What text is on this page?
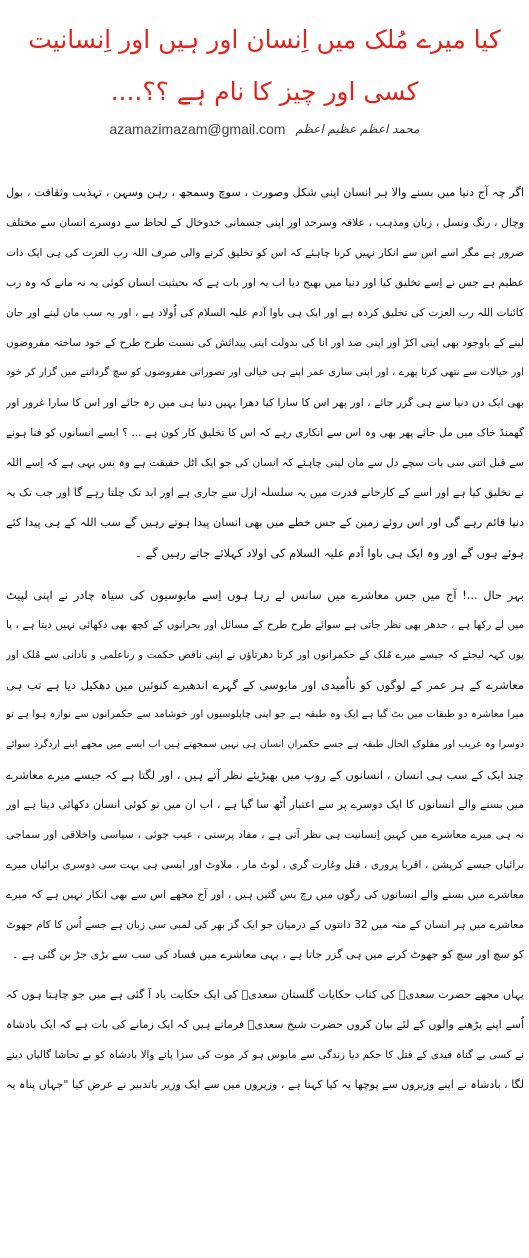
کیا میرے مُلک میں اِنسان اور ہیں اور اِنسانیت کسی اور چیز کا نام ہے ؟؟....
azamazimazam@gmail.com محمد اعظم عظیم اعظم
اگر چہ آج دنیا میں بسنے والا ہر انسان اپنی شکل وصورت ، سوچ وسمجھ ، رہن وسہن ، تہذیب وثقافت ، بول
وچال ، رنگ ونسل ، زبان ومذہب ، علاقہ وسرحد اور اپنی جسمانی خدوخال کے لحاظ سے دوسرے انسان سے مختلف
ضرور ہے مگر اسے اس سے انکار نہیں کرنا چاہئے کہ اس کو تخلیق کرنے والی صرف اللہ رب العزت کی ہی ایک ذات
عظیم ہے جس نے اِسے تخلیق کیا اور دنیا میں بھیج دیا اب یہ اور بات ہے کہ بحیثیت انسان کوئی یہ نہ مانے کہ وہ رب
کائنات اللہ رب العزت کی تخلیق کردہ ہے اور ایک ہی باوا آدم علیہ السلام کی اُولاد ہے ، اور یہ سب مان لینے اور جان
لینے کے باوجود بھی اپنی اکڑ اور اپنی ضد اور انا کی بدولت اپنی پیدائش کی نسبت طرح طرح کے خود ساختہ مفروضوں
اور خیالات سے نتھی کرتا پھرے ، اور اپنی ساری عمر اپنے ہی خیالی اور تصوراتی مفروضوں کو سچ گردانتے میں گزار کر خود
بھی ایک دن دنیا سے ہی گزر جائے ، اور پھر اس کا سارا کیا دھرا یہیں دنیا ہی میں رہ جائے اور اس کا سارا غرور اور
گھمنڈ خاک میں مل جائے پھر بھی وہ اس سے انکاری رہے کہ اس کا تخلیق کار کون ہے ... ؟ ایسے انسانوں کو فنا ہونے
سے قبل اتنی سی بات سچے دل سے مان لینی چاہئے کہ انسان کی جو ایک اٹل حقیقت ہے وہ بس یہی ہے کہ اِسے اللہ
نے تخلیق کیا ہے اور اسے کے کارخانے قدرت میں یہ سلسلہ ازل سے جاری ہے اور ابد تک چلتا رہے گا اور جب تک یہ
دنیا قائم رہے گی اور اس روئے زمین کے جس خطے میں بھی انسان پیدا ہوتے رہیں گے سب اللہ کے ہی پیدا کئے
ہوئے ہوں گے اور وہ ایک ہی باوا آدم علیہ السلام کی اولاد کہلائے جاتے رہیں گے ۔
بہر حال ...! آج میں جس معاشرے میں سانس لے رہا ہوں اِسے مایوسیوں کی سیاہ چادر نے اپنی لپیٹ
میں لے رکھا ہے ، جدھر بھی نظر جاتی ہے سوائے طرح طرح کے مسائل اور بحرانوں کے کچھ بھی دکھائی نہیں دیتا ہے ، یا
یوں کہہ لیجئے کہ جیسے میرے مُلک کے حکمرانوں اور کرتا دھرتاؤں نے اپنی ناقص حکمت و رناعلمی و نادانی سے مُلک اور
معاشرے کے ہر عمر کے لوگوں کو نااُمیدی اور مایوسی کے گہرے اندھیرے کنوئیں میں دھکیل دیا ہے تب ہی
میرا معاشرہ دو طبقات میں بٹ گیا ہے ایک وہ طبقہ ہے جو اپنی چاپلوسیوں اور خوشامد سے حکمرانوں سے نوازہ ہوا ہے تو
دوسرا وہ غریب اور مفلوک الحال طبقہ ہے جسے حکمران انسان ہی نہیں سمجھتے ہیں اب ایسے میں مجھے اپنے اردگرد سوائے
چند ایک کے سب ہی انسان ، انسانوں کے روپ میں بھیڑیئے نظر آتے ہیں ، اور لگتا ہے کہ جیسے میرے معاشرے
میں بسنے والے انسانوں کا ایک دوسرے پر سے اعتبار اُٹھ سا گیا ہے ، اب ان میں تو کوئی انسان دکھائی دیتا ہے اور
نہ ہی میرے معاشرے میں کہیں اِنسانیت ہی نظر آتی ہے ، مفاد پرستی ، عیب جوئی ، سیاسی واخلاقی اور سماجی
برائیاں جیسے کرپشن ، اقربا پروری ، قتل وغارت گری ، لوٹ مار ، ملاوٹ اور ایسی ہی بہت سی دوسری برائیاں میرے
معاشرے میں بسنے والے انسانوں کی رگوں میں رچ بس گئیں ہیں ، اور آج مجھے اس سے بھی انکار نہیں ہے کہ میرے
معاشرے میں ہر انسان کے منہ میں 32 دانتوں کے درمیان جو ایک گز بھر کی لمبی سی زبان ہے جسے اُس کا کام جھوٹ
کو سچ اور سچ کو جھوٹ کرنے میں ہی گزر جاتا ہے ، یہی معاشرے میں فساد کی سب سے بڑی جڑ بن گئی ہے ۔
یہاں مجھے حضرت سعدیؒ کی کتاب حکایات گلستان سعدیؒ کی ایک حکایت یاد آ گئی ہے میں جو چاہتا ہوں کہ
اُسے اپنے پڑھنے والوں کے لئے بیان کروں حضرت شیخ سعدیؒ فرماتے ہیں کہ ایک زمانے کی بات ہے کہ ایک بادشاہ
نے کسی بے گناہ قیدی کے قتل کا حکم دیا زندگی سے مایوس ہو کر موت کی سزا پانے والا بادشاہ کو بے تحاشا گالیاں دینے
لگا ، بادشاہ نے اپنے وزیروں سے پوچھا یہ کیا کہتا ہے ، وزیروں میں سے ایک وزیر باتدبیر نے عرض کیا "جہاں پناہ یہ
